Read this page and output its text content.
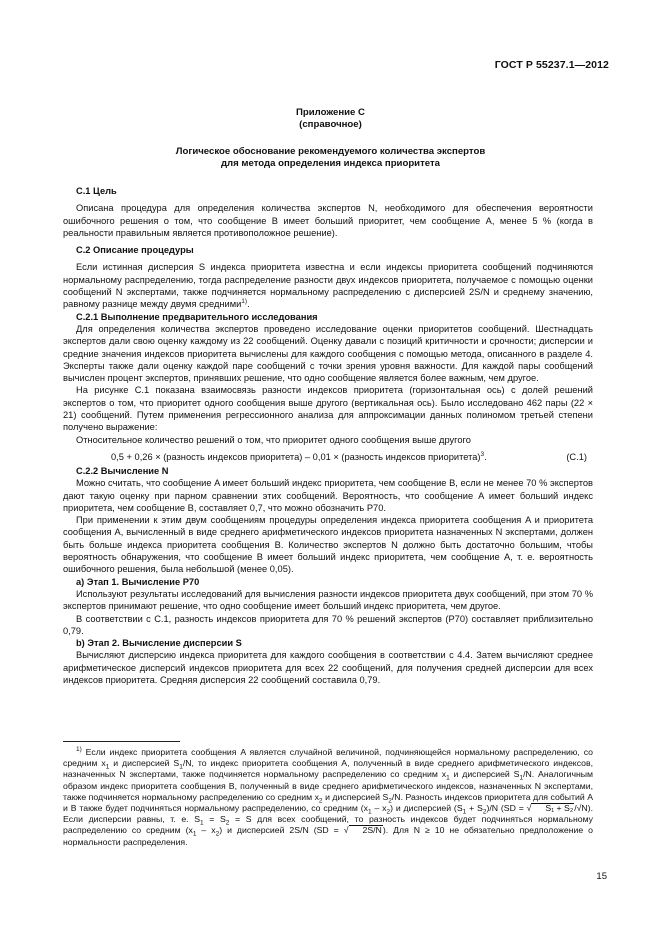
ГОСТ Р 55237.1—2012
Приложение С
(справочное)
Логическое обоснование рекомендуемого количества экспертов
для метода определения индекса приоритета

С.1 Цель

Описана процедура для определения количества экспертов N, необходимого для обеспечения вероятности ошибочного решения о том, что сообщение B имеет больший приоритет, чем сообщение A, менее 5 % (когда в реальности правильным является противоположное решение).

С.2 Описание процедуры

Если истинная дисперсия S индекса приоритета известна и если индексы приоритета сообщений подчиняются нормальному распределению, тогда распределение разности двух индексов приоритета, получаемое с помощью оценки сообщений N экспертами, также подчиняется нормальному распределению с дисперсией 2S/N и среднему значению, равному разнице между двумя средними$^{1)}$.

С.2.1 Выполнение предварительного исследования

Для определения количества экспертов проведено исследование оценки приоритетов сообщений. Шестнадцать экспертов дали свою оценку каждому из 22 сообщений. Оценку давали с позиций критичности и срочности; дисперсии и средние значения индексов приоритета вычислены для каждого сообщения с помощью метода, описанного в разделе 4. Эксперты также дали оценку каждой паре сообщений с точки зрения уровня важности. Для каждой пары сообщений вычислен процент экспертов, принявших решение, что одно сообщение является более важным, чем другое.

На рисунке С.1 показана взаимосвязь разности индексов приоритета (горизонтальная ось) с долей решений экспертов о том, что приоритет одного сообщения выше другого (вертикальная ось). Было исследовано 462 пары (22 × 21) сообщений. Путем применения регрессионного анализа для аппроксимации данных полиномом третьей степени получено выражение:

Относительное количество решений о том, что приоритет одного сообщения выше другого

0,5 + 0,26 × (разность индексов приоритета) – 0,01 × (разность индексов приоритета)$^3$.	(С.1)

С.2.2 Вычисление N

Можно считать, что сообщение A имеет больший индекс приоритета, чем сообщение B, если не менее 70 % экспертов дают такую оценку при парном сравнении этих сообщений. Вероятность, что сообщение A имеет больший индекс приоритета, чем сообщение B, составляет 0,7, что можно обозначить P70.

При применении к этим двум сообщениям процедуры определения индекса приоритета сообщения A и приоритета сообщения A, вычисленный в виде среднего арифметического индексов приоритета назначенных N экспертами, должен быть больше индекса приоритета сообщения B. Количество экспертов N должно быть достаточно большим, чтобы вероятность обнаружения, что сообщение B имеет больший индекс приоритета, чем сообщение A, т. е. вероятность ошибочного решения, была небольшой (менее 0,05).

а) Этап 1. Вычисление P70

Используют результаты исследований для вычисления разности индексов приоритета двух сообщений, при этом 70 % экспертов принимают решение, что одно сообщение имеет больший индекс приоритета, чем другое.

В соответствии с С.1, разность индексов приоритета для 70 % решений экспертов (P70) составляет приблизительно 0,79.

b) Этап 2. Вычисление дисперсии S

Вычисляют дисперсию индекса приоритета для каждого сообщения в соответствии с 4.4. Затем вычисляют среднее арифметическое дисперсий индексов приоритета для всех 22 сообщений, для получения средней дисперсии для всех индексов приоритета. Средняя дисперсия 22 сообщений составила 0,79.

$^{1)}$ Если индекс приоритета сообщения A является случайной величиной, подчиняющейся нормальному распределению, со средним $x_1$ и дисперсией $S_1/N$, то индекс приоритета сообщения A, полученный в виде среднего арифметического индексов, назначенных N экспертами, также подчиняется нормальному распределению со средним $x_1$ и дисперсией $S_1/N$. Аналогичным образом индекс приоритета сообщения B, полученный в виде среднего арифметического индексов, назначенных N экспертами, также подчиняется нормальному распределению со средним $x_2$ и дисперсией $S_2/N$. Разность индексов приоритета для событий A и B также будет подчиняться нормальному распределению, со средним $(x_1 - x_2)$ и дисперсией $(S_1 + S_2)/N$ (SD = √ S₁ + S₂/√N). Если дисперсии равны, т. е. $S_1 = S_2 = S$ для всех сообщений, то разность индексов будет подчиняться нормальному распределению со средним $(x_1 - x_2)$ и дисперсией 2S/N (SD = √ 2S/N). Для N ≥ 10 не обязательно предположение о нормальности распределения.

15
